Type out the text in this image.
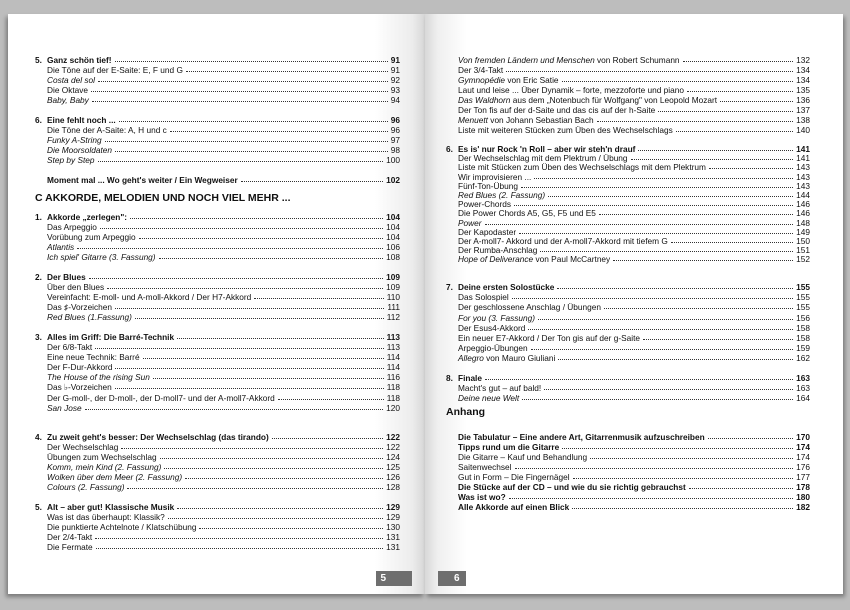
C AKKORDE, MELODIEN UND NOCH VIEL MEHR ...
Anhang
5	6
5. Ganz schön tief!	91
Die Töne auf der E-Saite: E, F und G	91
Costa del sol	92
Die Oktave	93
Baby, Baby	94
6. Eine fehlt noch ...	96
Die Töne der A-Saite: A, H und c	96
Funky A-String	97
Die Moorsoldaten	98
Step by Step	100
Moment mal ... Wo geht's weiter / Ein Wegweiser	102
1. Akkorde „zerlegen":	104
Das Arpeggio	104
Vorübung zum Arpeggio	104
Atlantis	106
Ich spiel' Gitarre (3. Fassung)	108
2. Der Blues	109
Über den Blues	109
Vereinfacht: E-moll- und A-moll-Akkord / Der H7-Akkord	110
Das ♯-Vorzeichen	111
Red Blues (1.Fassung)	112
3. Alles im Griff: Die Barré-Technik	113
Der 6/8-Takt	113
Eine neue Technik: Barré	114
Der F-Dur-Akkord	114
The House of the rising Sun	116
Das ♭-Vorzeichen	118
Der G-moll-, der D-moll-, der D-moll7- und der A-moll7-Akkord	118
San Jose	120
4. Zu zweit geht's besser: Der Wechselschlag (das tirando)	122
Der Wechselschlag	122
Übungen zum Wechselschlag	124
Komm, mein Kind (2. Fassung)	125
Wolken über dem Meer (2. Fassung)	126
Colours (2. Fassung)	128
5. Alt – aber gut! Klassische Musik	129
Was ist das überhaupt: Klassik?	129
Die punktierte Achtelnote / Klatschübung	130
Der 2/4-Takt	131
Die Fermate	131
Von fremden Ländern und Menschen von Robert Schumann	132
Der 3/4-Takt	134
Gymnopédie von Eric Satie	134
Laut und leise ... Über Dynamik – forte, mezzoforte und piano	135
Das Waldhorn aus dem „Notenbuch für Wolfgang" von Leopold Mozart	136
Der Ton fis auf der d-Saite und das cis auf der h-Saite	137
Menuett von Johann Sebastian Bach	138
Liste mit weiteren Stücken zum Üben des Wechselschlags	140
6. Es is' nur Rock 'n Roll – aber wir steh'n drauf	141
Der Wechselschlag mit dem Plektrum / Übung	141
Liste mit Stücken zum Üben des Wechselschlags mit dem Plektrum	143
Wir improvisieren ...	143
Fünf-Ton-Übung	143
Red Blues (2. Fassung)	144
Power-Chords	146
Die Power Chords A5, G5, F5 und E5	146
Power	148
Der Kapodaster	149
Der A-moll7- Akkord und der A-moll7-Akkord mit tiefem G	150
Der Rumba-Anschlag	151
Hope of Deliverance von Paul McCartney	152
7. Deine ersten Solostücke	155
Das Solospiel	155
Der geschlossene Anschlag / Übungen	155
For you (3. Fassung)	156
Der Esus4-Akkord	158
Ein neuer E7-Akkord / Der Ton gis auf der g-Saite	158
Arpeggio-Übungen	159
Allegro von Mauro Giuliani	162
8. Finale	163
Macht's gut – auf bald!	163
Deine neue Welt	164
Die Tabulatur – Eine andere Art, Gitarrenmusik aufzuschreiben	170
Tipps rund um die Gitarre	174
Die Gitarre – Kauf und Behandlung	174
Saitenwechsel	176
Gut in Form – Die Fingernägel	177
Die Stücke auf der CD – und wie du sie richtig gebrauchst	178
Was ist wo?	180
Alle Akkorde auf einen Blick	182
